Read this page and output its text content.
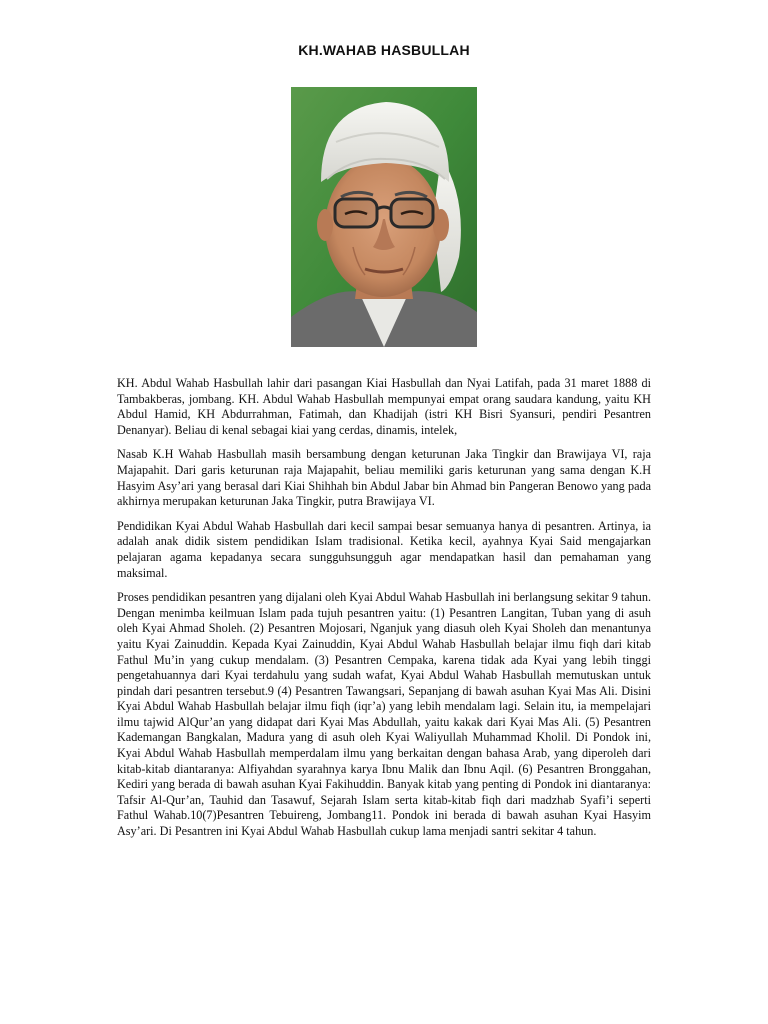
KH.WAHAB HASBULLAH

KH. Abdul Wahab Hasbullah lahir dari pasangan Kiai Hasbullah dan Nyai Latifah, pada 31 maret 1888 di Tambakberas, jombang. KH. Abdul Wahab Hasbullah mempunyai empat orang saudara kandung, yaitu KH Abdul Hamid, KH Abdurrahman, Fatimah, dan Khadijah (istri KH Bisri Syansuri, pendiri Pesantren Denanyar). Beliau di kenal sebagai kiai yang cerdas, dinamis, intelek,

Nasab K.H Wahab Hasbullah masih bersambung dengan keturunan Jaka Tingkir dan Brawijaya VI, raja Majapahit. Dari garis keturunan raja Majapahit, beliau memiliki garis keturunan yang sama dengan K.H Hasyim Asy’ari yang berasal dari Kiai Shihhah bin Abdul Jabar bin Ahmad bin Pangeran Benowo yang pada akhirnya merupakan keturunan Jaka Tingkir, putra Brawijaya VI.

Pendidikan Kyai Abdul Wahab Hasbullah dari kecil sampai besar semuanya hanya di pesantren. Artinya, ia adalah anak didik sistem pendidikan Islam tradisional. Ketika kecil, ayahnya Kyai Said mengajarkan pelajaran agama kepadanya secara sungguhsungguh agar mendapatkan hasil dan pemahaman yang maksimal.

Proses pendidikan pesantren yang dijalani oleh Kyai Abdul Wahab Hasbullah ini berlangsung sekitar 9 tahun. Dengan menimba keilmuan Islam pada tujuh pesantren yaitu: (1) Pesantren Langitan, Tuban yang di asuh oleh Kyai Ahmad Sholeh. (2) Pesantren Mojosari, Nganjuk yang diasuh oleh Kyai Sholeh dan menantunya yaitu Kyai Zainuddin. Kepada Kyai Zainuddin, Kyai Abdul Wahab Hasbullah belajar ilmu fiqh dari kitab Fathul Mu’in yang cukup mendalam. (3) Pesantren Cempaka, karena tidak ada Kyai yang lebih tinggi pengetahuannya dari Kyai terdahulu yang sudah wafat, Kyai Abdul Wahab Hasbullah memutuskan untuk pindah dari pesantren tersebut.9 (4) Pesantren Tawangsari, Sepanjang di bawah asuhan Kyai Mas Ali. Disini Kyai Abdul Wahab Hasbullah belajar ilmu fiqh (iqr’a) yang lebih mendalam lagi. Selain itu, ia mempelajari ilmu tajwid AlQur’an yang didapat dari Kyai Mas Abdullah, yaitu kakak dari Kyai Mas Ali. (5) Pesantren Kademangan Bangkalan, Madura yang di asuh oleh Kyai Waliyullah Muhammad Kholil. Di Pondok ini, Kyai Abdul Wahab Hasbullah memperdalam ilmu yang berkaitan dengan bahasa Arab, yang diperoleh dari kitab-kitab diantaranya: Alfiyahdan syarahnya karya Ibnu Malik dan Ibnu Aqil. (6) Pesantren Bronggahan, Kediri yang berada di bawah asuhan Kyai Fakihuddin. Banyak kitab yang penting di Pondok ini diantaranya: Tafsir Al-Qur’an, Tauhid dan Tasawuf, Sejarah Islam serta kitab-kitab fiqh dari madzhab Syafi’i seperti Fathul Wahab.10(7)Pesantren Tebuireng, Jombang11. Pondok ini berada di bawah asuhan Kyai Hasyim Asy’ari. Di Pesantren ini Kyai Abdul Wahab Hasbullah cukup lama menjadi santri sekitar 4 tahun.
